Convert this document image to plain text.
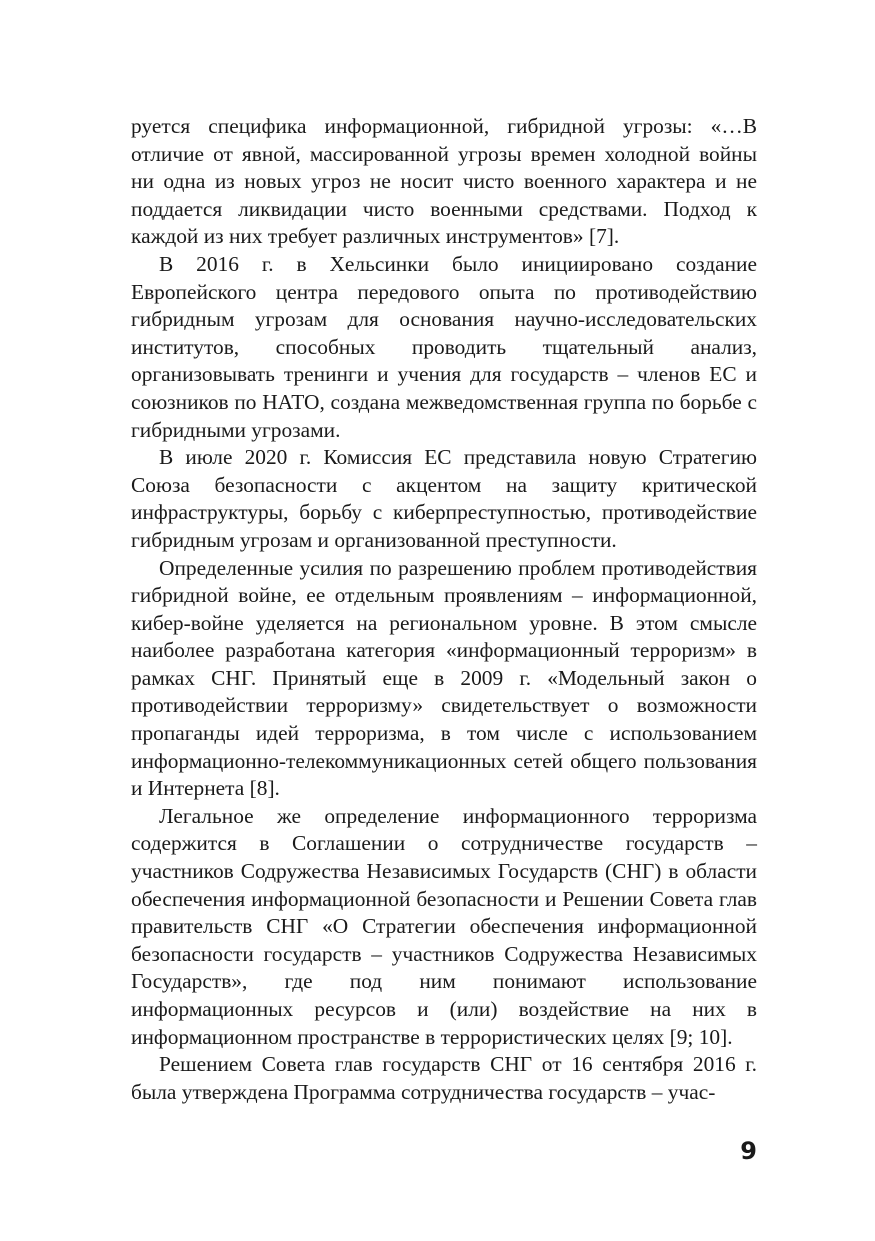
руется специфика информационной, гибридной угрозы: «…В отличие от явной, массированной угрозы времен холодной войны ни одна из новых угроз не носит чисто военного характера и не поддается ликвидации чисто военными средствами. Подход к каждой из них требует различных инструментов» [7].

В 2016 г. в Хельсинки было инициировано создание Европейского центра передового опыта по противодействию гибридным угрозам для основания научно-исследовательских институтов, способных проводить тщательный анализ, организовывать тренинги и учения для государств – членов ЕС и союзников по НАТО, создана межведомственная группа по борьбе с гибридными угрозами.

В июле 2020 г. Комиссия ЕС представила новую Стратегию Союза безопасности с акцентом на защиту критической инфраструктуры, борьбу с киберпреступностью, противодействие гибридным угрозам и организованной преступности.

Определенные усилия по разрешению проблем противодействия гибридной войне, ее отдельным проявлениям – информационной, кибер-войне уделяется на региональном уровне. В этом смысле наиболее разработана категория «информационный терроризм» в рамках СНГ. Принятый еще в 2009 г. «Модельный закон о противодействии терроризму» свидетельствует о возможности пропаганды идей терроризма, в том числе с использованием информационно-телекоммуникационных сетей общего пользования и Интернета [8].

Легальное же определение информационного терроризма содержится в Соглашении о сотрудничестве государств – участников Содружества Независимых Государств (СНГ) в области обеспечения информационной безопасности и Решении Совета глав правительств СНГ «О Стратегии обеспечения информационной безопасности государств – участников Содружества Независимых Государств», где под ним понимают использование информационных ресурсов и (или) воздействие на них в информационном пространстве в террористических целях [9; 10].

Решением Совета глав государств СНГ от 16 сентября 2016 г. была утверждена Программа сотрудничества государств – учас-

9
